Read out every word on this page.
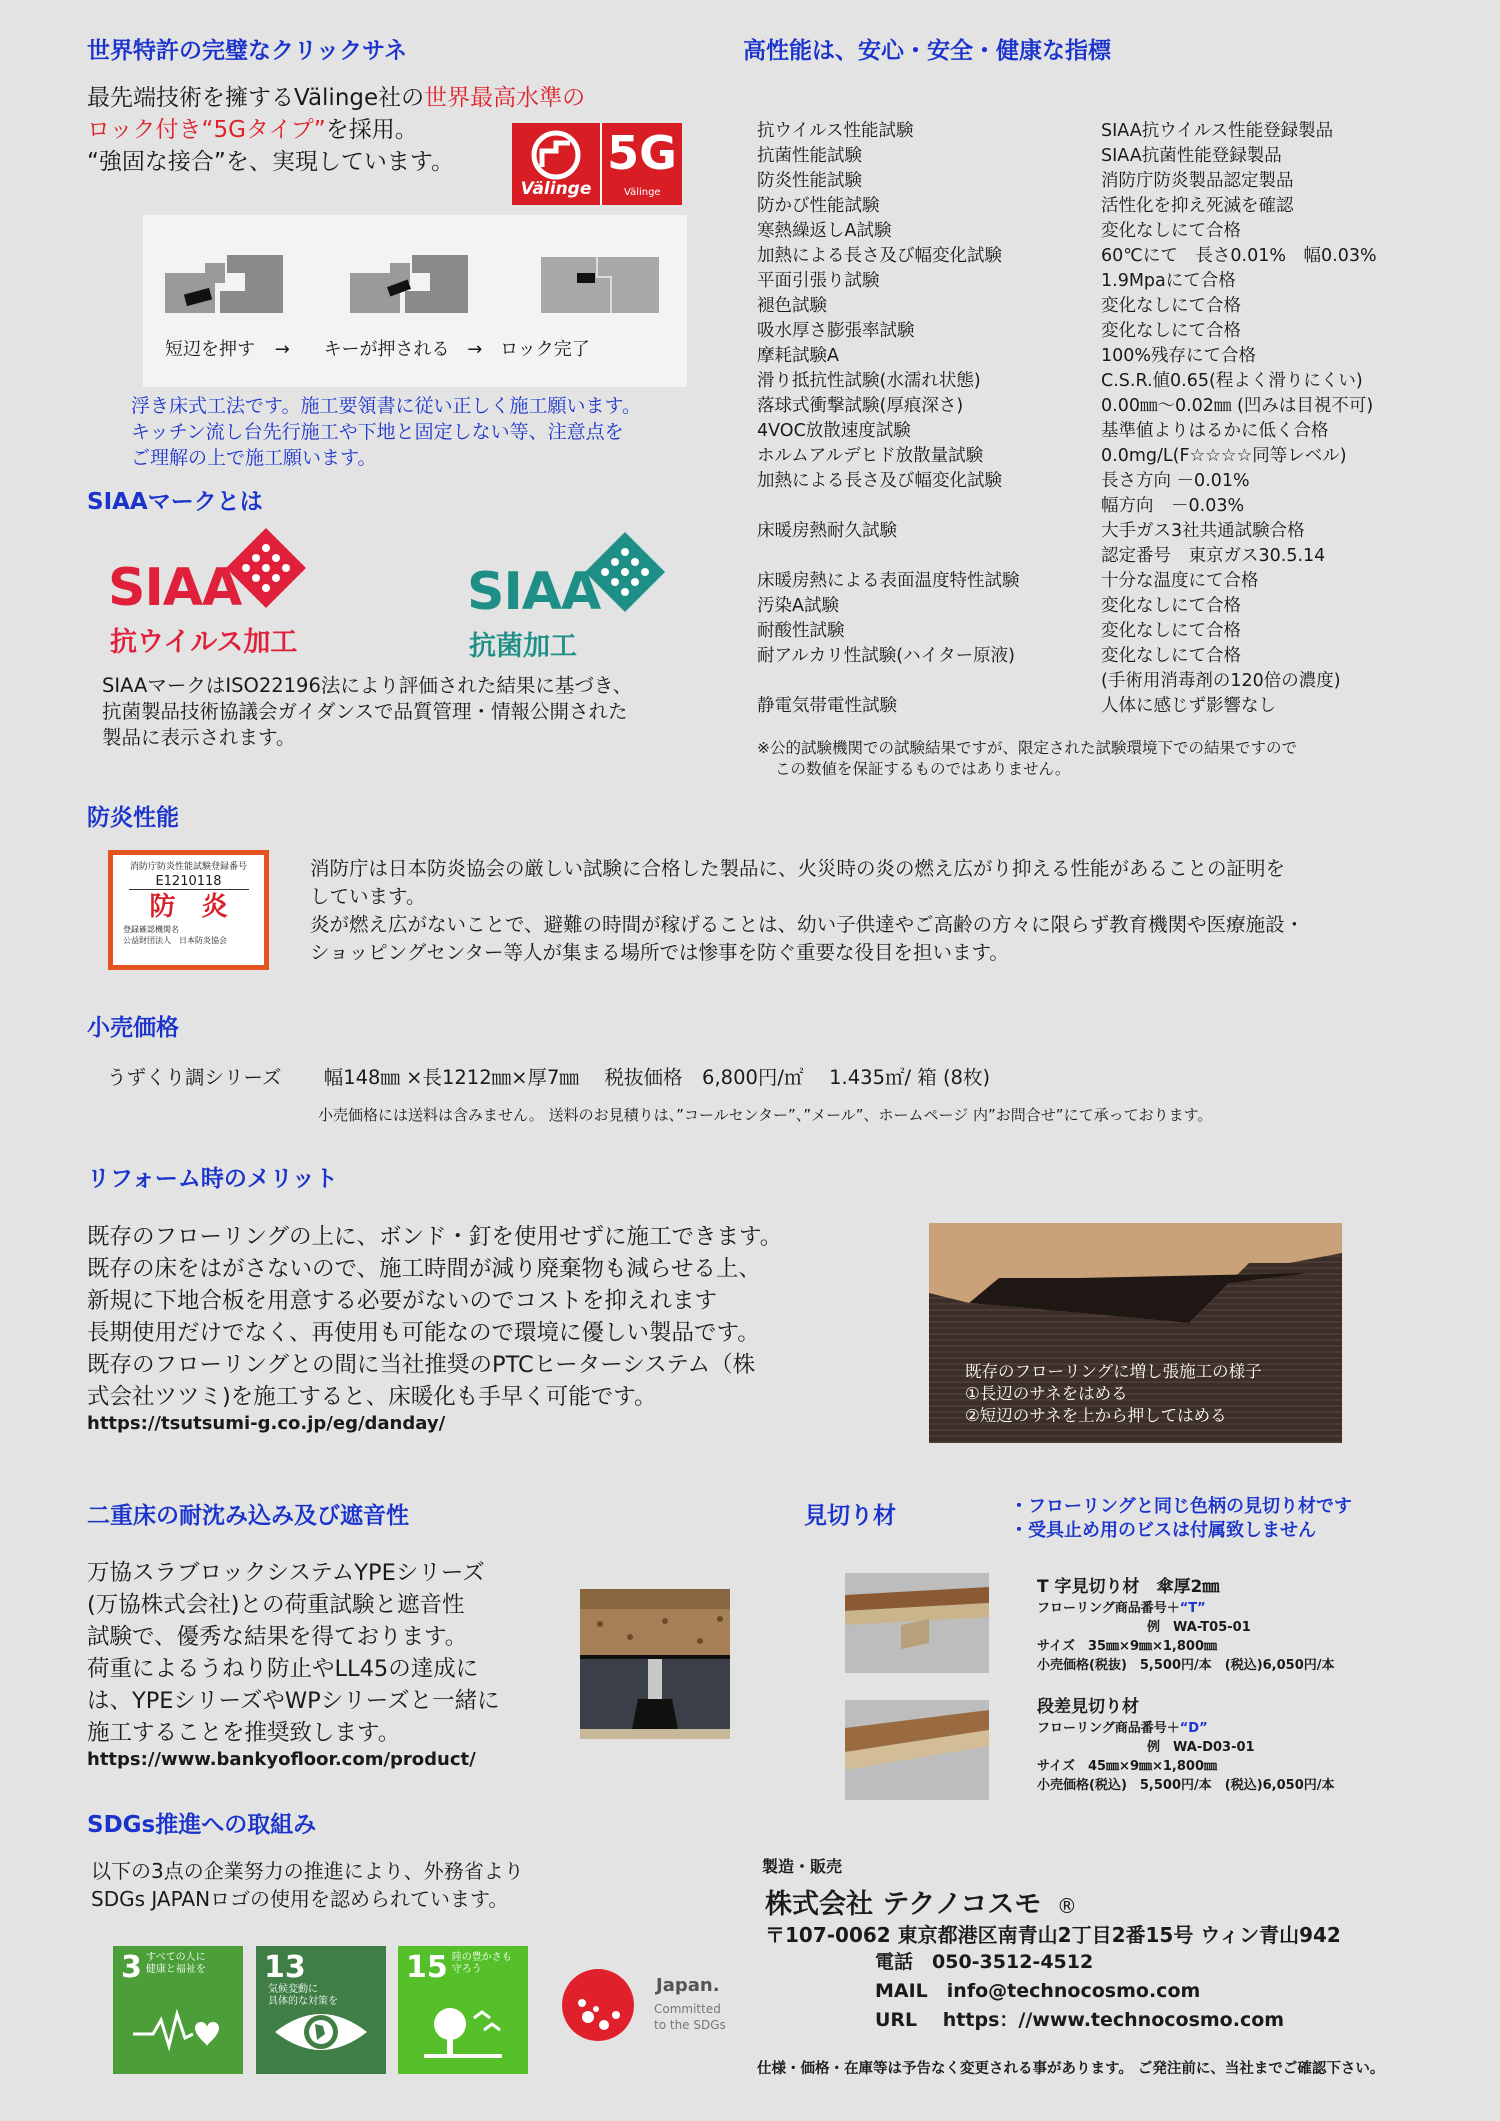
世界特許の完璧なクリックサネ
最先端技術を擁するVälinge社の世界最高水準の
ロック付き“5Gタイプ”を採用。
“強固な接合”を、実現しています。
Välinge
5G
Välinge
短辺を押す → キーが押される → ロック完了
浮き床式工法です。施工要領書に従い正しく施工願います。
キッチン流し台先行施工や下地と固定しない等、注意点を
ご理解の上で施工願います。
SIAAマークとは
SIAA
抗ウイルス加工
SIAA
抗菌加工
SIAAマークはISO22196法により評価された結果に基づき、
抗菌製品技術協議会ガイダンスで品質管理・情報公開された
製品に表示されます。
高性能は、安心・安全・健康な指標
抗ウイルス性能試験	SIAA抗ウイルス性能登録製品
抗菌性能試験	SIAA抗菌性能登録製品
防炎性能試験	消防庁防炎製品認定製品
防かび性能試験	活性化を抑え死滅を確認
寒熱繰返しA試験	変化なしにて合格
加熱による長さ及び幅変化試験	60℃にて　長さ0.01%　幅0.03%
平面引張り試験	1.9Mpaにて合格
褪色試験	変化なしにて合格
吸水厚さ膨張率試験	変化なしにて合格
摩耗試験A	100%残存にて合格
滑り抵抗性試験(水濡れ状態)	C.S.R.値0.65(程よく滑りにくい)
落球式衝撃試験(厚痕深さ)	0.00㎜～0.02㎜ (凹みは目視不可)
4VOC放散速度試験	基準値よりはるかに低く合格
ホルムアルデヒド放散量試験	0.0mg/L(F☆☆☆☆同等レベル)
加熱による長さ及び幅変化試験	長さ方向 －0.01%
幅方向　－0.03%
床暖房熱耐久試験	大手ガス3社共通試験合格
認定番号　東京ガス30.5.14
床暖房熱による表面温度特性試験	十分な温度にて合格
汚染A試験	変化なしにて合格
耐酸性試験	変化なしにて合格
耐アルカリ性試験(ハイター原液)	変化なしにて合格
(手術用消毒剤の120倍の濃度)
静電気帯電性試験	人体に感じず影響なし
※公的試験機関での試験結果ですが、限定された試験環境下での結果ですので
この数値を保証するものではありません。
防炎性能
消防庁防炎性能試験登録番号
E1210118
防　炎
登録確認機関名
公益財団法人　日本防炎協会
消防庁は日本防炎協会の厳しい試験に合格した製品に、火災時の炎の燃え広がり抑える性能があることの証明を
しています。
炎が燃え広がないことで、避難の時間が稼げることは、幼い子供達やご高齢の方々に限らず教育機関や医療施設・
ショッピングセンター等人が集まる場所では惨事を防ぐ重要な役目を担います。
小売価格
うずくり調シリーズ 幅148㎜ ×長1212㎜×厚7㎜　 税抜価格　6,800円/㎡　 1.435㎡/ 箱 (8枚)
小売価格には送料は含みません。 送料のお見積りは、”コールセンター”、”メール”、ホームページ 内”お問合せ”にて承っております。
リフォーム時のメリット
既存のフローリングの上に、ボンド・釘を使用せずに施工できます。
既存の床をはがさないので、施工時間が減り廃棄物も減らせる上、
新規に下地合板を用意する必要がないのでコストを抑えれます
長期使用だけでなく、再使用も可能なので環境に優しい製品です。
既存のフローリングとの間に当社推奨のPTCヒーターシステム（株
式会社ツツミ)を施工すると、床暖化も手早く可能です。
https://tsutsumi-g.co.jp/eg/danday/
既存のフローリングに増し張施工の様子
①長辺のサネをはめる
②短辺のサネを上から押してはめる
二重床の耐沈み込み及び遮音性
万協スラブロックシステムYPEシリーズ
(万協株式会社)との荷重試験と遮音性
試験で、優秀な結果を得ております。
荷重によるうねり防止やLL45の達成に
は、YPEシリーズやWPシリーズと一緒に
施工することを推奨致します。
https://www.bankyofloor.com/product/
見切り材	・フローリングと同じ色柄の見切り材です
・受具止め用のビスは付属致しません
T 字見切り材　傘厚2㎜
フローリング商品番号＋“T”
例　WA-T05-01
サイズ　35㎜×9㎜×1,800㎜
小売価格(税抜)　5,500円/本　(税込)6,050円/本
段差見切り材
フローリング商品番号＋“D”
例　WA-D03-01
サイズ　45㎜×9㎜×1,800㎜
小売価格(税込)　5,500円/本　(税込)6,050円/本
SDGs推進への取組み
以下の3点の企業努力の推進により、外務省より
SDGs JAPANロゴの使用を認められています。
3 すべての人に
健康と福祉を	13気候変動に
具体的な対策を
15 陸の豊かさも
守ろう
Japan.
Committed
to the SDGs
製造・販売
株式会社 テクノコスモ ®
〒107-0062 東京都港区南青山2丁目2番15号 ウィン青山942
電話　050-3512-4512
MAIL　info@technocosmo.com
URL　 https：//www.technocosmo.com
仕様・価格・在庫等は予告なく変更される事があります。 ご発注前に、当社までご確認下さい。
